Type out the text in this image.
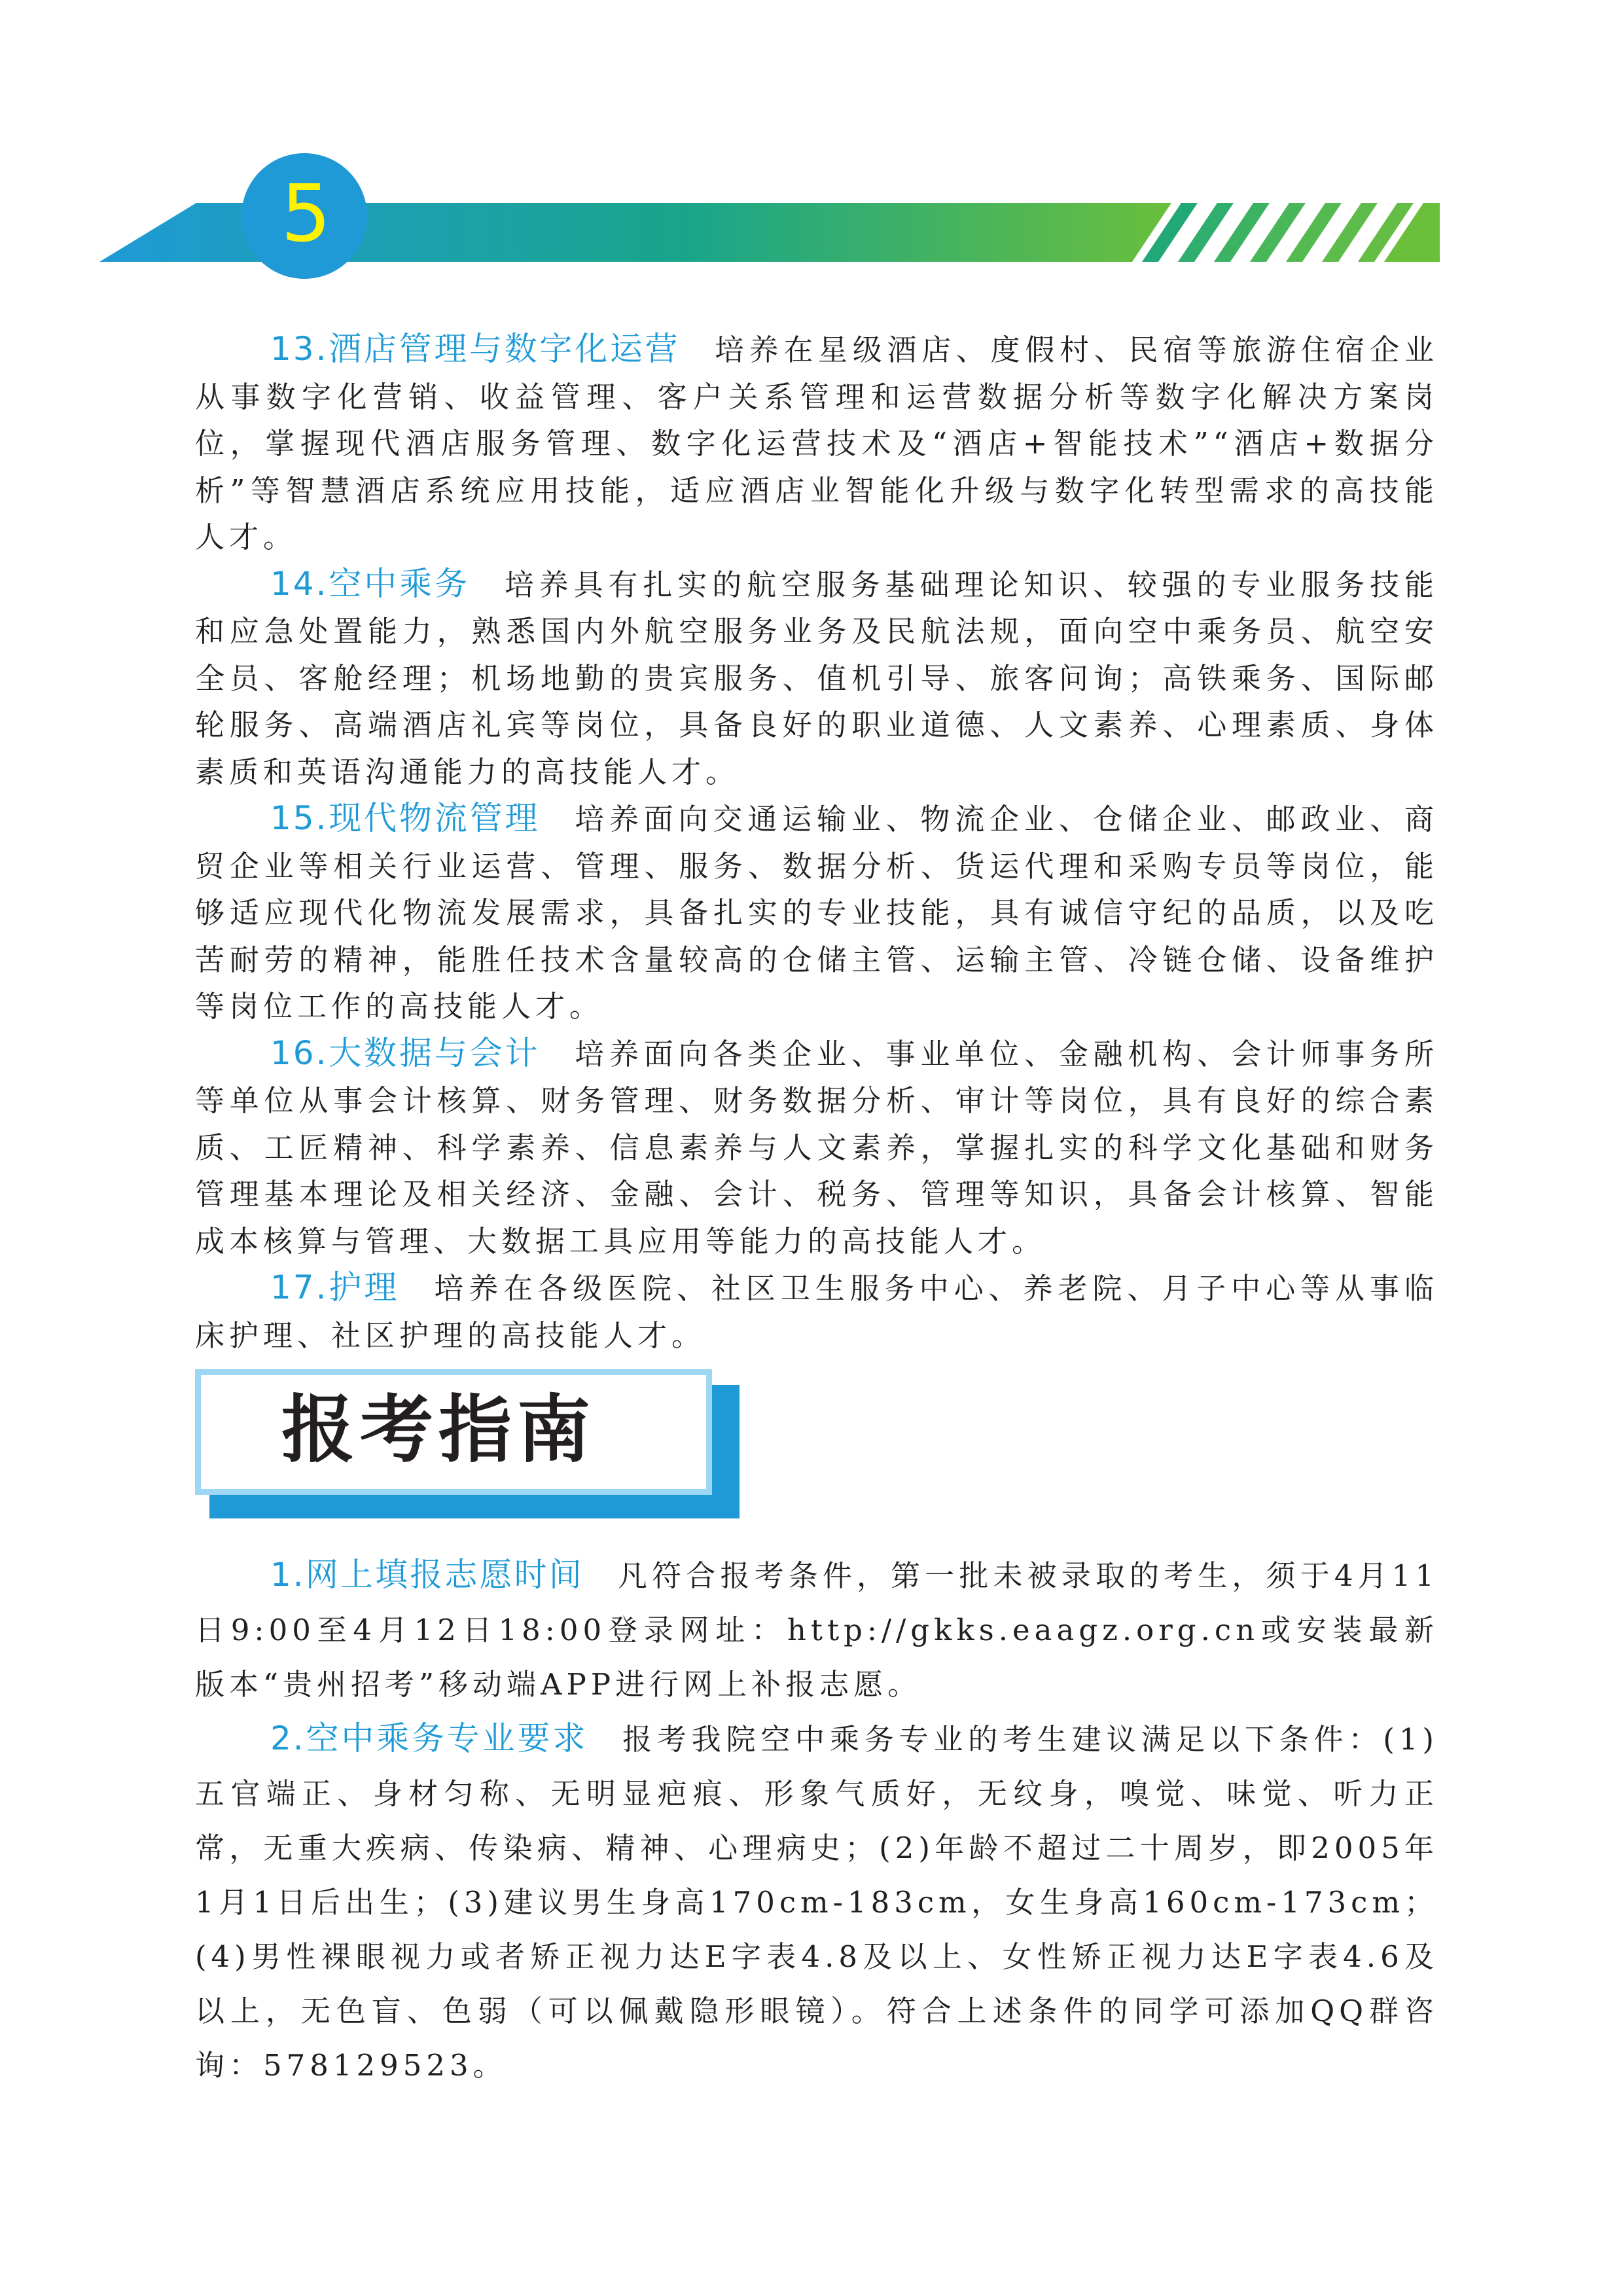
5

13.酒店管理与数字化运营　 培养在星级酒店、度假村、民宿等旅游住宿企业从事数字化营销、收益管理、客户关系管理和运营数据分析等数字化解决方案岗位，掌握现代酒店服务管理、数字化运营技术及“酒店+智能技术”“酒店+数据分析”等智慧酒店系统应用技能，适应酒店业智能化升级与数字化转型需求的高技能人才。

14.空中乘务　 培养具有扎实的航空服务基础理论知识、较强的专业服务技能和应急处置能力，熟悉国内外航空服务业务及民航法规，面向空中乘务员、航空安全员、客舱经理；机场地勤的贵宾服务、值机引导、旅客问询；高铁乘务、国际邮轮服务、高端酒店礼宾等岗位，具备良好的职业道德、人文素养、心理素质、身体素质和英语沟通能力的高技能人才。

15.现代物流管理　 培养面向交通运输业、物流企业、仓储企业、邮政业、商贸企业等相关行业运营、管理、服务、数据分析、货运代理和采购专员等岗位，能够适应现代化物流发展需求，具备扎实的专业技能，具有诚信守纪的品质，以及吃苦耐劳的精神，能胜任技术含量较高的仓储主管、运输主管、冷链仓储、设备维护等岗位工作的高技能人才。

16.大数据与会计　 培养面向各类企业、事业单位、金融机构、会计师事务所等单位从事会计核算、财务管理、财务数据分析、审计等岗位，具有良好的综合素质、工匠精神、科学素养、信息素养与人文素养，掌握扎实的科学文化基础和财务管理基本理论及相关经济、金融、会计、税务、管理等知识，具备会计核算、智能成本核算与管理、大数据工具应用等能力的高技能人才。

17.护理　 培养在各级医院、社区卫生服务中心、养老院、月子中心等从事临床护理、社区护理的高技能人才。

报考指南

1.网上填报志愿时间　 凡符合报考条件，第一批未被录取的考生，须于4月11日9:00至4月12日18:00登录网址：http://gkks.eaagz.org.cn或安装最新版本“贵州招考”移动端APP进行网上补报志愿。

2.空中乘务专业要求　 报考我院空中乘务专业的考生建议满足以下条件：(1)五官端正、身材匀称、无明显疤痕、形象气质好，无纹身，嗅觉、味觉、听力正常，无重大疾病、传染病、精神、心理病史；(2)年龄不超过二十周岁，即2005年1月1日后出生；(3)建议男生身高170cm-183cm，女生身高160cm-173cm；(4)男性裸眼视力或者矫正视力达E字表4.8及以上、女性矫正视力达E字表4.6及以上，无色盲、色弱（可以佩戴隐形眼镜）。符合上述条件的同学可添加QQ群咨询：578129523。
